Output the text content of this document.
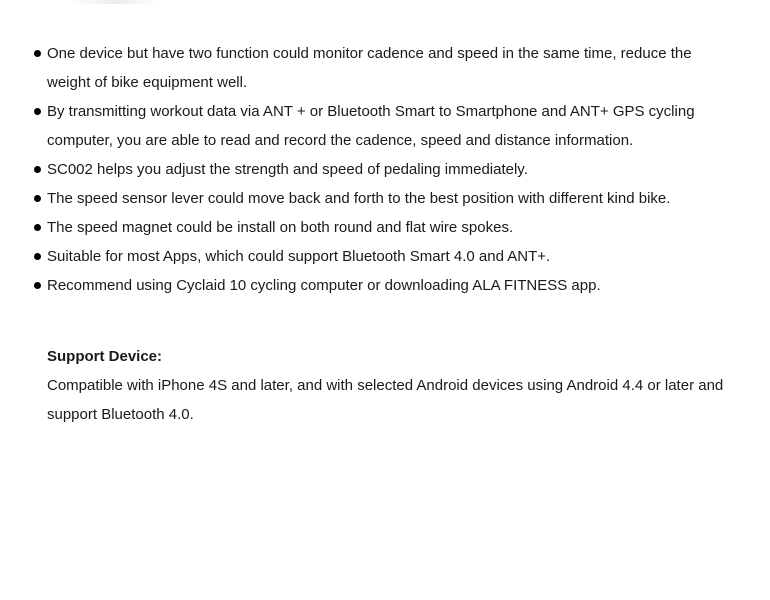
One device but have two function could monitor cadence and speed in the same time, reduce the weight of bike equipment well.
By transmitting workout data via ANT + or Bluetooth Smart to Smartphone and ANT+ GPS cycling computer, you are able to read and record the cadence, speed and distance information.
SC002 helps you adjust the strength and speed of pedaling immediately.
The speed sensor lever could move back and forth to the best position with different kind bike.
The speed magnet could be install on both round and flat wire spokes.
Suitable for most Apps, which could support Bluetooth Smart 4.0 and ANT+.
Recommend using Cyclaid 10 cycling computer or downloading ALA FITNESS app.
Support Device:
Compatible with iPhone 4S and later, and with selected Android devices using Android 4.4 or later and support Bluetooth 4.0.
